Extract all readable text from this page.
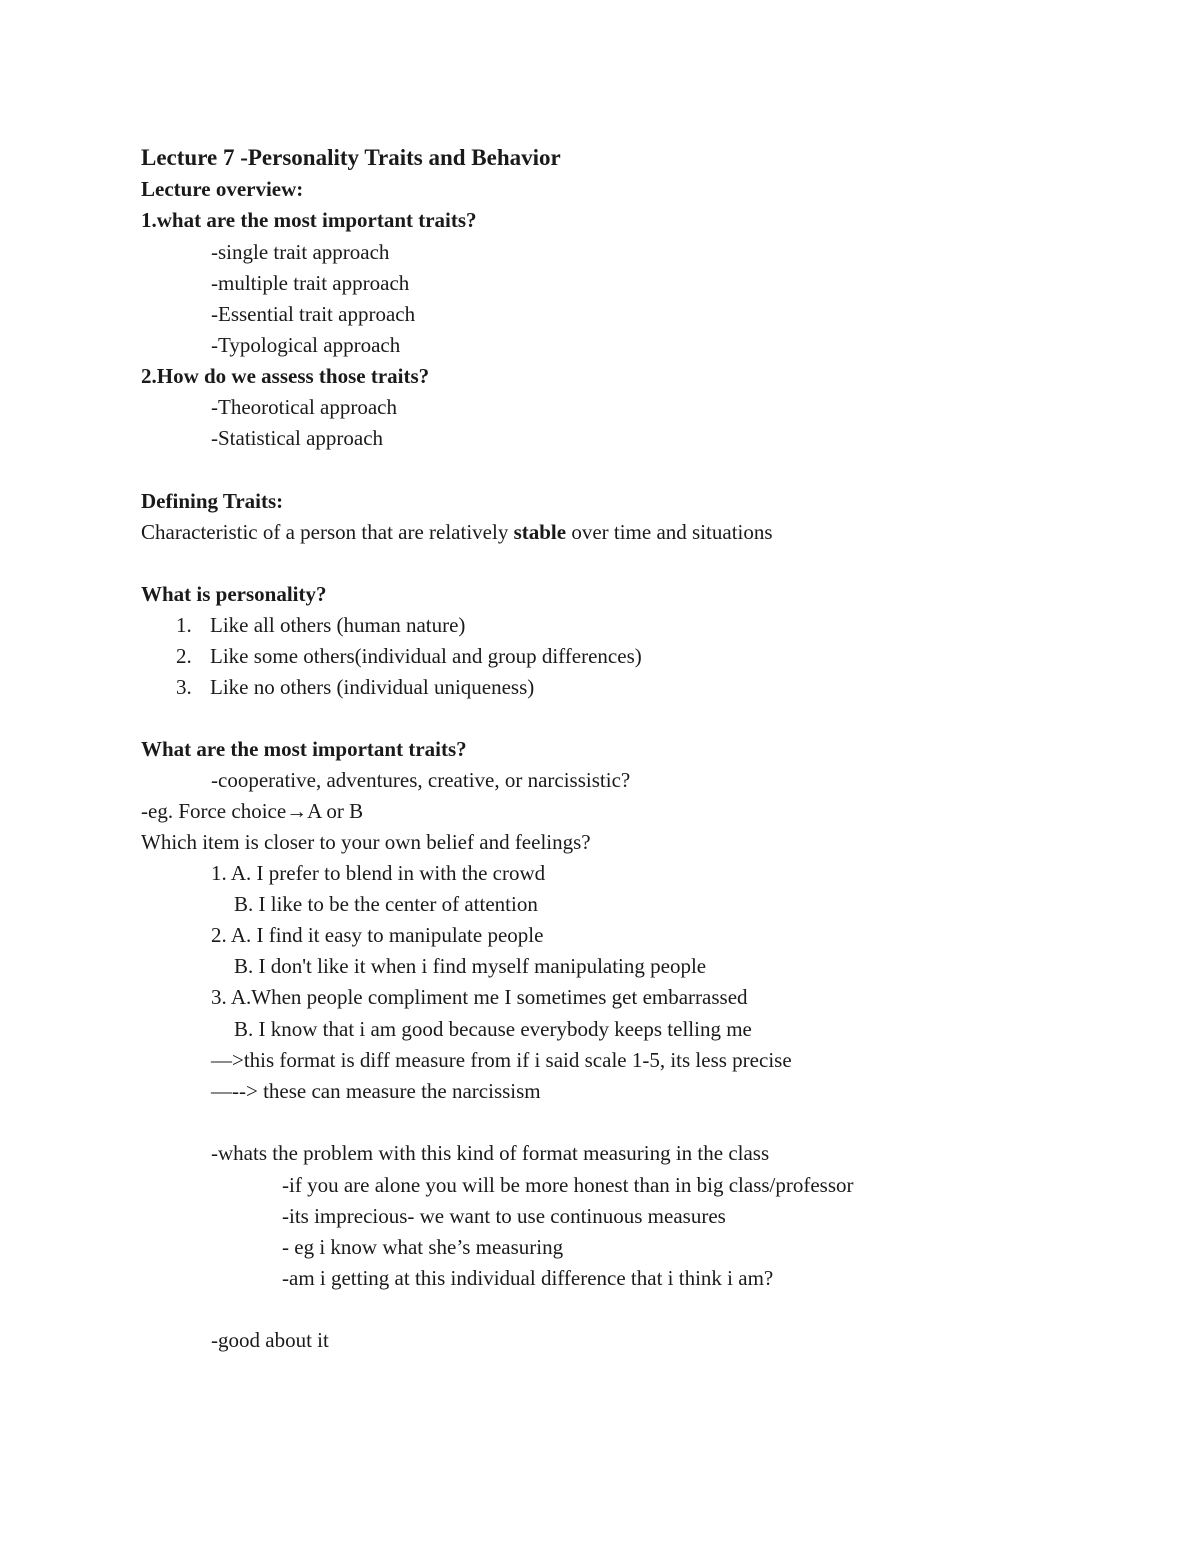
Lecture 7 -Personality Traits and Behavior
Lecture overview:
1.what are the most important traits?
-single trait approach
-multiple trait approach
-Essential trait approach
-Typological approach
2.How do we assess those traits?
-Theorotical approach
-Statistical approach
Defining Traits:
Characteristic of a person that are relatively stable over time and situations
What is personality?
1. Like all others (human nature)
2. Like some others(individual and group differences)
3. Like no others (individual uniqueness)
What are the most important traits?
-cooperative, adventures, creative, or narcissistic?
-eg. Force choice→A or B
Which item is closer to your own belief and feelings?
1. A. I prefer to blend in with the crowd
B. I like to be the center of attention
2. A. I find it easy to manipulate people
B. I don't like it when i find myself manipulating people
3. A.When people compliment me I sometimes get embarrassed
B. I know that i am good because everybody keeps telling me
—>this format is diff measure from if i said scale 1-5, its less precise
—--> these can measure the narcissism
-whats the problem with this kind of format measuring in the class
-if you are alone you will be more honest than in big class/professor
-its imprecious- we want to use continuous measures
- eg i know what she’s measuring
-am i getting at this individual difference that i think i am?
-good about it
